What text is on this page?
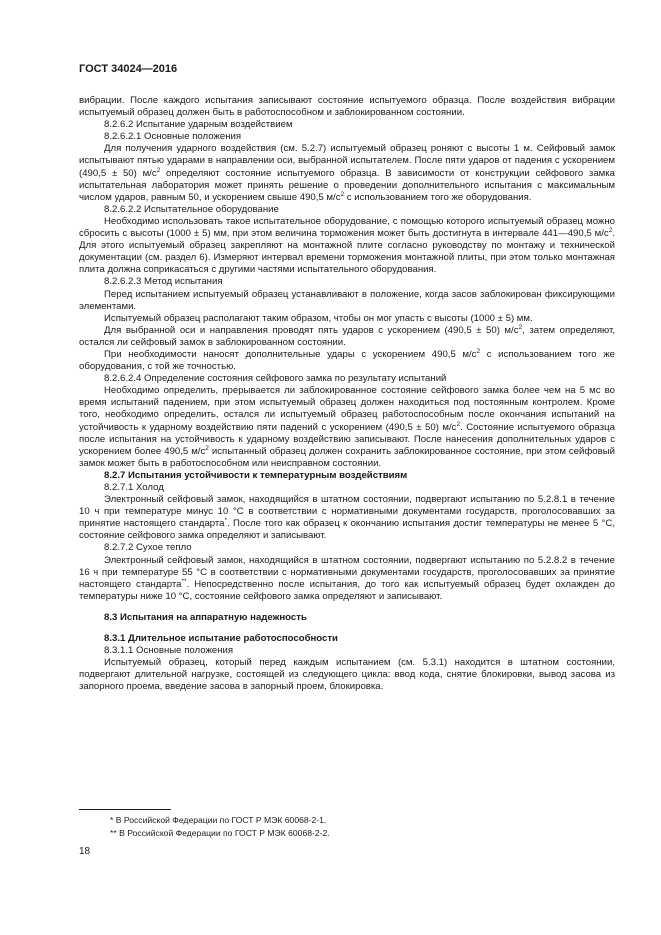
ГОСТ 34024—2016

вибрации. После каждого испытания записывают состояние испытуемого образца. После воздействия вибрации испытуемый образец должен быть в работоспособном и заблокированном состоянии.

8.2.6.2 Испытание ударным воздействием

8.2.6.2.1 Основные положения

Для получения ударного воздействия (см. 5.2.7) испытуемый образец роняют с высоты 1 м. Сейфовый замок испытывают пятью ударами в направлении оси, выбранной испытателем. После пяти ударов от падения с ускорением (490,5 ± 50) $м/с^2$ определяют состояние испытуемого образца. В зависимости от конструкции сейфового замка испытательная лаборатория может принять решение о проведении дополнительного испытания с максимальным числом ударов, равным 50, и ускорением свыше 490,5 $м/с^2$ с использованием того же оборудования.

8.2.6.2.2 Испытательное оборудование

Необходимо использовать такое испытательное оборудование, с помощью которого испытуемый образец можно сбросить с высоты (1000 ± 5) мм, при этом величина торможения может быть достигнута в интервале 441—490,5 $м/с^2$. Для этого испытуемый образец закрепляют на монтажной плите согласно руководству по монтажу и технической документации (см. раздел 6). Измеряют интервал времени торможения монтажной плиты, при этом только монтажная плита должна соприкасаться с другими частями испытательного оборудования.

8.2.6.2.3 Метод испытания

Перед испытанием испытуемый образец устанавливают в положение, когда засов заблокирован фиксирующими элементами.

Испытуемый образец располагают таким образом, чтобы он мог упасть с высоты (1000 ± 5) мм.

Для выбранной оси и направления проводят пять ударов с ускорением (490,5 ± 50) $м/с^2$, затем определяют, остался ли сейфовый замок в заблокированном состоянии.

При необходимости наносят дополнительные удары с ускорением 490,5 $м/с^2$ с использованием того же оборудования, с той же точностью.

8.2.6.2.4 Определение состояния сейфового замка по результату испытаний

Необходимо определить, прерывается ли заблокированное состояние сейфового замка более чем на 5 мс во время испытаний падением, при этом испытуемый образец должен находиться под постоянным контролем. Кроме того, необходимо определить, остался ли испытуемый образец работоспособным после окончания испытаний на устойчивость к ударному воздействию пяти падений с ускорением (490,5 ± 50) $м/с^2$. Состояние испытуемого образца после испытания на устойчивость к ударному воздействию записывают. После нанесения дополнительных ударов с ускорением более 490,5 $м/с^2$ испытанный образец должен сохранить заблокированное состояние, при этом сейфовый замок может быть в работоспособном или неисправном состоянии.

8.2.7 Испытания устойчивости к температурным воздействиям

8.2.7.1 Холод

Электронный сейфовый замок, находящийся в штатном состоянии, подвергают испытанию по 5.2.8.1 в течение 10 ч при температуре минус 10 °С в соответствии с нормативными документами государств, проголосовавших за принятие настоящего стандарта*. После того как образец к окончанию испытания достиг температуры не менее 5 °С, состояние сейфового замка определяют и записывают.

8.2.7.2 Сухое тепло

Электронный сейфовый замок, находящийся в штатном состоянии, подвергают испытанию по 5.2.8.2 в течение 16 ч при температуре 55 °С в соответствии с нормативными документами государств, проголосовавших за принятие настоящего стандарта**. Непосредственно после испытания, до того как испытуемый образец будет охлажден до температуры ниже 10 °С, состояние сейфового замка определяют и записывают.

8.3 Испытания на аппаратную надежность

8.3.1 Длительное испытание работоспособности

8.3.1.1 Основные положения

Испытуемый образец, который перед каждым испытанием (см. 5.3.1) находится в штатном состоянии, подвергают длительной нагрузке, состоящей из следующего цикла: ввод кода, снятие блокировки, вывод засова из запорного проема, введение засова в запорный проем, блокировка.

* В Российской Федерации по ГОСТ Р МЭК 60068-2-1.
** В Российской Федерации по ГОСТ Р МЭК 60068-2-2.
18
